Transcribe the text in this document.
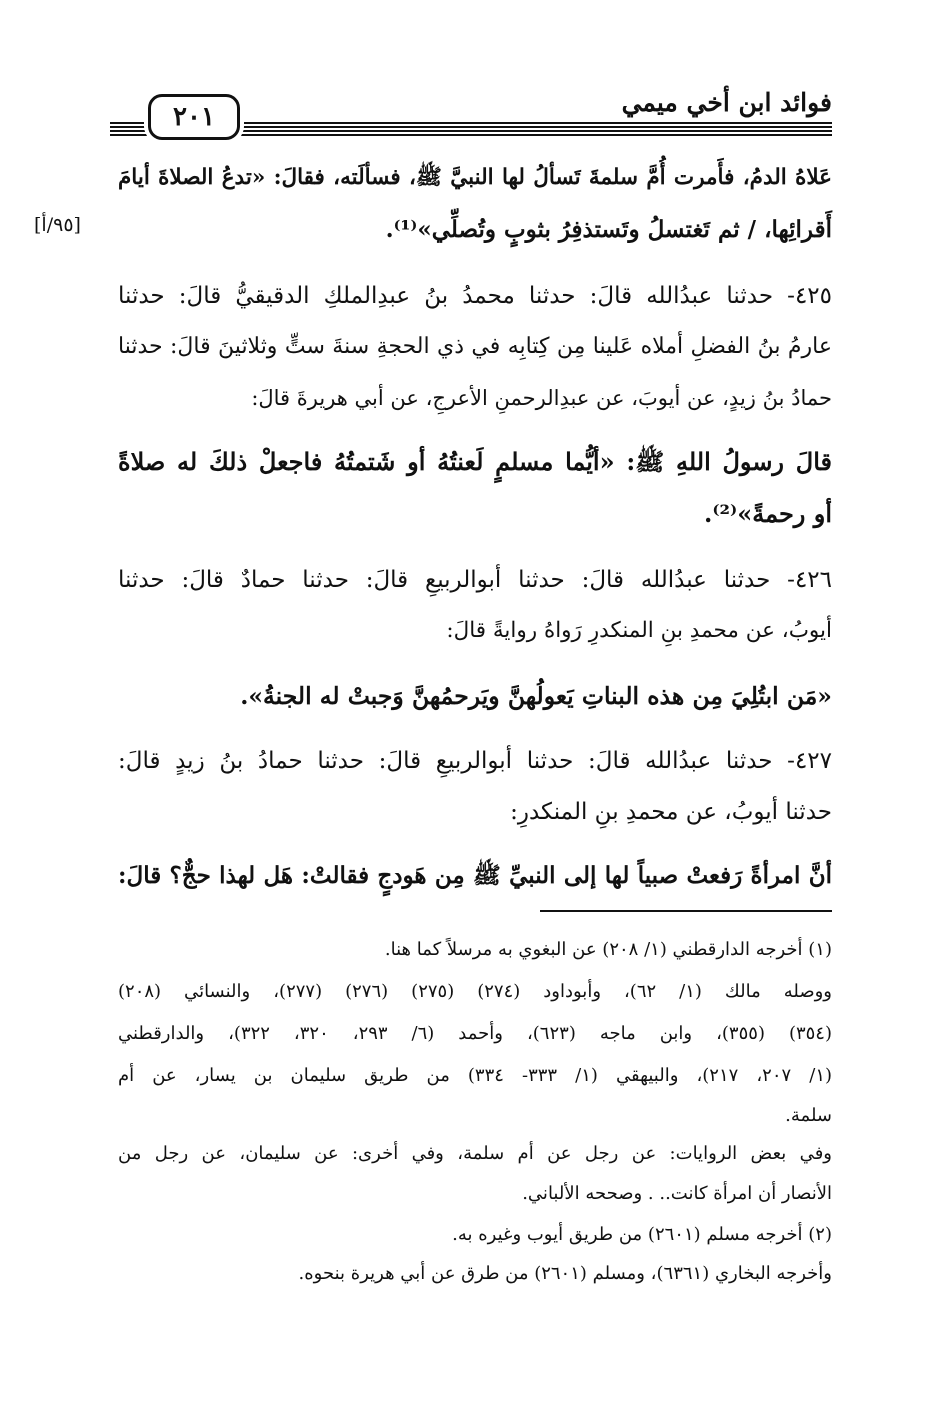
٢٠١	فوائد ابن أخي ميمي
[٩٥/أ]
عَلاهُ الدمُ، فأَمرت أُمَّ سلمةَ تَسألُ لها النبيَّ ﷺ، فسألَته، فقالَ: «تدعُ الصلاةَ أيامَ
أَقرائِها، / ثم تَغتسلُ وتَستذفِرُ بثوبٍ وتُصلِّي»⁽¹⁾.
٤٢٥- حدثنا عبدُالله قالَ: حدثنا محمدُ بنُ عبدِالملكِ الدقيقيُّ قالَ: حدثنا
عارمُ بنُ الفضلِ أملاه عَلينا مِن كِتابِه في ذي الحجةِ سنةَ ستٍّ وثلاثينَ قالَ: حدثنا
حمادُ بنُ زيدٍ، عن أيوبَ، عن عبدِالرحمنِ الأعرجِ، عن أبي هريرةَ قالَ:
قالَ رسولُ اللهِ ﷺ: «أيُّما مسلمٍ لَعنتُهُ أو شَتمتُهُ فاجعلْ ذلكَ له صلاةً
أو رحمةً»⁽²⁾.
٤٢٦- حدثنا عبدُالله قالَ: حدثنا أبوالربيعِ قالَ: حدثنا حمادٌ قالَ: حدثنا
أيوبُ، عن محمدِ بنِ المنكدرِ رَواهُ روايةً قالَ:
«مَن ابتُلِيَ مِن هذه البناتِ يَعولُهنَّ ويَرحمُهنَّ وَجبتْ له الجنةُ».
٤٢٧- حدثنا عبدُالله قالَ: حدثنا أبوالربيعِ قالَ: حدثنا حمادُ بنُ زيدٍ قالَ:
حدثنا أيوبُ، عن محمدِ بنِ المنكدرِ:
أنَّ امرأةً رَفعتْ صبياً لها إلى النبيِّ ﷺ مِن هَودجٍ فقالتْ: هَل لهذا حجٌّ؟ قالَ:
(١) أخرجه الدارقطني (١/ ٢٠٨) عن البغوي به مرسلاً كما هنا.
ووصله مالك (١/ ٦٢)، وأبوداود (٢٧٤) (٢٧٥) (٢٧٦) (٢٧٧)، والنسائي (٢٠٨)
(٣٥٤) (٣٥٥)، وابن ماجه (٦٢٣)، وأحمد (٦/ ٢٩٣، ٣٢٠، ٣٢٢)، والدارقطني
(١/ ٢٠٧، ٢١٧)، والبيهقي (١/ ٣٣٣- ٣٣٤) من طريق سليمان بن يسار، عن أم
سلمة.
وفي بعض الروايات: عن رجل عن أم سلمة، وفي أخرى: عن سليمان، عن رجل من
الأنصار أن امرأة كانت.. . وصححه الألباني.
(٢) أخرجه مسلم (٢٦٠١) من طريق أيوب وغيره به.
وأخرجه البخاري (٦٣٦١)، ومسلم (٢٦٠١) من طرق عن أبي هريرة بنحوه.
